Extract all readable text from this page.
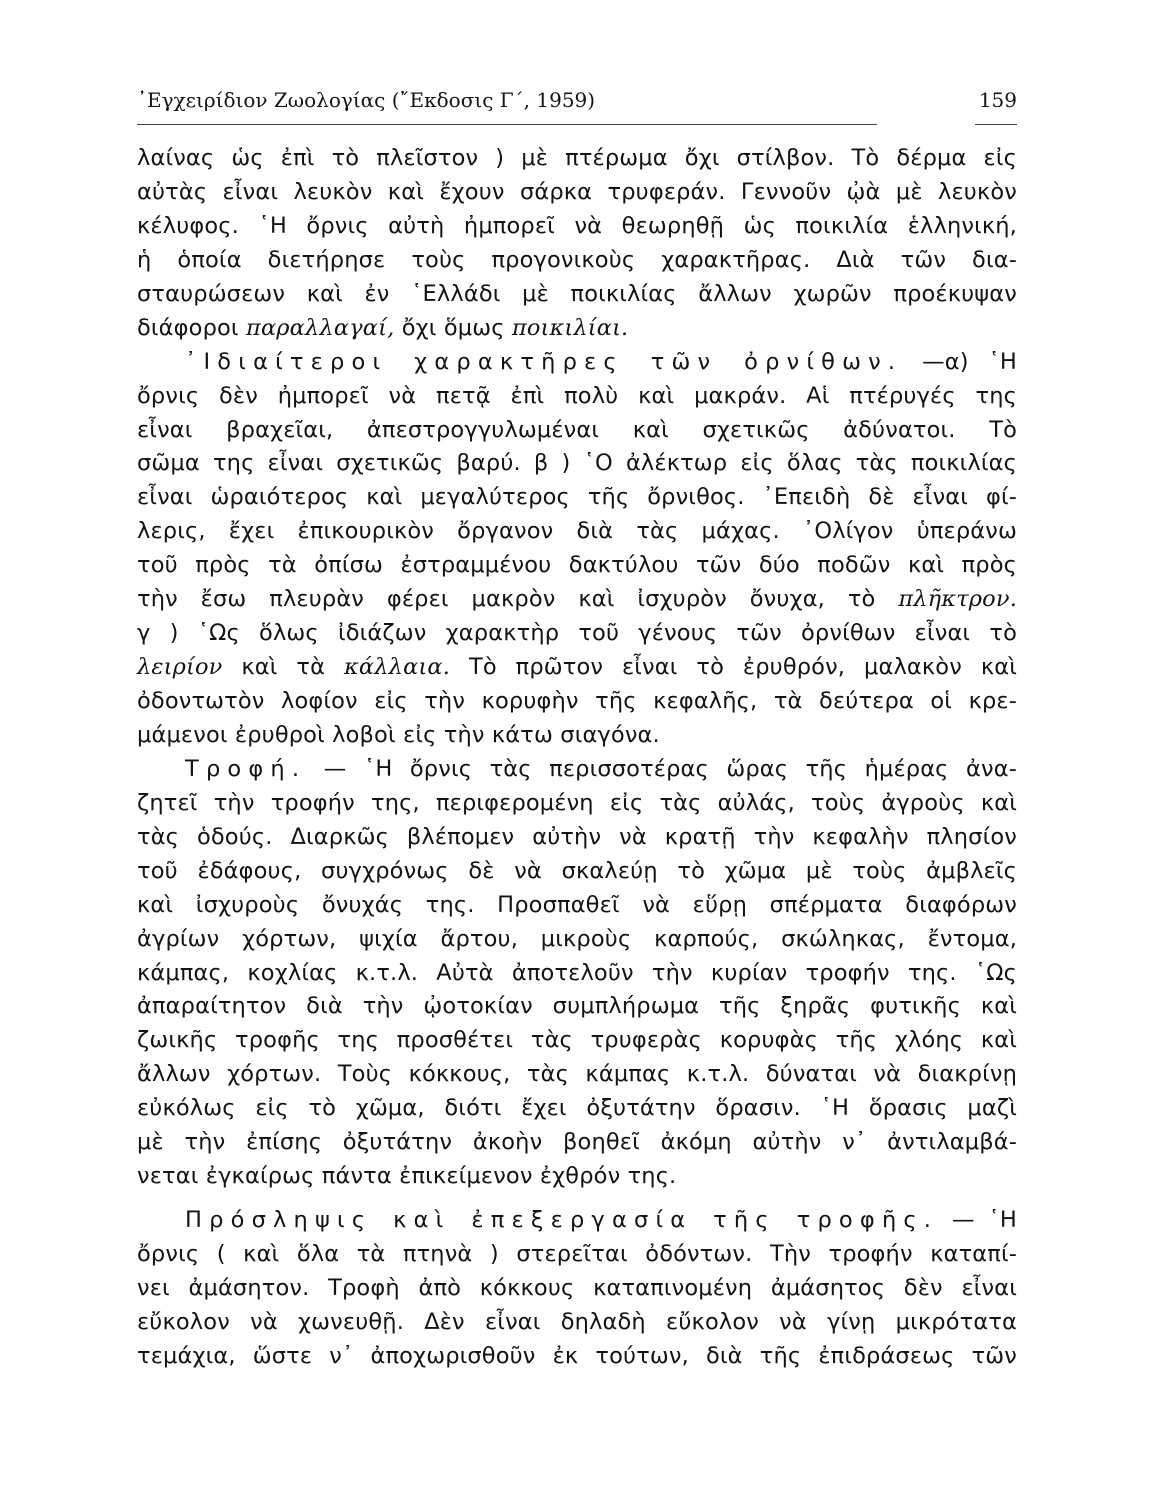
᾿Εγχειρίδιον Ζωολογίας (῎Εκδοσις Γ΄, 1959)	159
λαίνας ὡς ἐπὶ τὸ πλεῖστον ) μὲ πτέρωμα ὄχι στίλβον. Τὸ δέρμα εἰς
αὐτὰς εἶναι λευκὸν καὶ ἔχουν σάρκα τρυφεράν. Γεννοῦν ᾠὰ μὲ λευκὸν
κέλυφος. ῾Η ὄρνις αὐτὴ ἠμπορεῖ νὰ θεωρηθῇ ὡς ποικιλία ἑλληνική,
ἡ ὁποία διετήρησε τοὺς προγονικοὺς χαρακτῆρας. Διὰ τῶν δια-
σταυρώσεων καὶ ἐν ῾Ελλάδι μὲ ποικιλίας ἄλλων χωρῶν προέκυψαν
διάφοροι παραλλαγαί, ὄχι ὅμως ποικιλίαι.
᾿Ιδιαίτεροι χαρακτῆρες τῶν ὀρνίθων. —α) ῾Η
ὄρνις δὲν ἠμπορεῖ νὰ πετᾷ ἐπὶ πολὺ καὶ μακράν. Αἱ πτέρυγές της
εἶναι βραχεῖαι, ἀπεστρογγυλωμέναι καὶ σχετικῶς ἀδύνατοι. Τὸ
σῶμα της εἶναι σχετικῶς βαρύ. β ) ῾Ο ἀλέκτωρ εἰς ὅλας τὰς ποικιλίας
εἶναι ὡραιότερος καὶ μεγαλύτερος τῆς ὄρνιθος. ᾿Επειδὴ δὲ εἶναι φί-
λερις, ἔχει ἐπικουρικὸν ὄργανον διὰ τὰς μάχας. ᾿Ολίγον ὑπεράνω
τοῦ πρὸς τὰ ὀπίσω ἐστραμμένου δακτύλου τῶν δύο ποδῶν καὶ πρὸς
τὴν ἔσω πλευρὰν φέρει μακρὸν καὶ ἰσχυρὸν ὄνυχα, τὸ πλῆκτρον.
γ ) ῾Ως ὅλως ἰδιάζων χαρακτὴρ τοῦ γένους τῶν ὀρνίθων εἶναι τὸ
λειρίον καὶ τὰ κάλλαια. Τὸ πρῶτον εἶναι τὸ ἐρυθρόν, μαλακὸν καὶ
ὀδοντωτὸν λοφίον εἰς τὴν κορυφὴν τῆς κεφαλῆς, τὰ δεύτερα οἱ κρε-
μάμενοι ἐρυθροὶ λοβοὶ εἰς τὴν κάτω σιαγόνα.
Τροφή. — ῾Η ὄρνις τὰς περισσοτέρας ὥρας τῆς ἡμέρας ἀνα-
ζητεῖ τὴν τροφήν της, περιφερομένη εἰς τὰς αὐλάς, τοὺς ἀγροὺς καὶ
τὰς ὁδούς. Διαρκῶς βλέπομεν αὐτὴν νὰ κρατῇ τὴν κεφαλὴν πλησίον
τοῦ ἐδάφους, συγχρόνως δὲ νὰ σκαλεύῃ τὸ χῶμα μὲ τοὺς ἀμβλεῖς
καὶ ἰσχυροὺς ὄνυχάς της. Προσπαθεῖ νὰ εὕρῃ σπέρματα διαφόρων
ἀγρίων χόρτων, ψιχία ἄρτου, μικροὺς καρπούς, σκώληκας, ἔντομα,
κάμπας, κοχλίας κ.τ.λ. Αὐτὰ ἀποτελοῦν τὴν κυρίαν τροφήν της. ῾Ως
ἀπαραίτητον διὰ τὴν ᾠοτοκίαν συμπλήρωμα τῆς ξηρᾶς φυτικῆς καὶ
ζωικῆς τροφῆς της προσθέτει τὰς τρυφερὰς κορυφὰς τῆς χλόης καὶ
ἄλλων χόρτων. Τοὺς κόκκους, τὰς κάμπας κ.τ.λ. δύναται νὰ διακρίνῃ
εὐκόλως εἰς τὸ χῶμα, διότι ἔχει ὀξυτάτην ὅρασιν. ῾Η ὅρασις μαζὶ
μὲ τὴν ἐπίσης ὀξυτάτην ἀκοὴν βοηθεῖ ἀκόμη αὐτὴν ν᾿ ἀντιλαμβά-
νεται ἐγκαίρως πάντα ἐπικείμενον ἐχθρόν της.
Πρόσληψις καὶ ἐπεξεργασία τῆς τροφῆς. — ῾Η
ὄρνις ( καὶ ὅλα τὰ πτηνὰ ) στερεῖται ὀδόντων. Τὴν τροφήν καταπί-
νει ἀμάσητον. Τροφὴ ἀπὸ κόκκους καταπινομένη ἀμάσητος δὲν εἶναι
εὔκολον νὰ χωνευθῇ. Δὲν εἶναι δηλαδὴ εὔκολον νὰ γίνῃ μικρότατα
τεμάχια, ὥστε ν᾿ ἀποχωρισθοῦν ἐκ τούτων, διὰ τῆς ἐπιδράσεως τῶν
